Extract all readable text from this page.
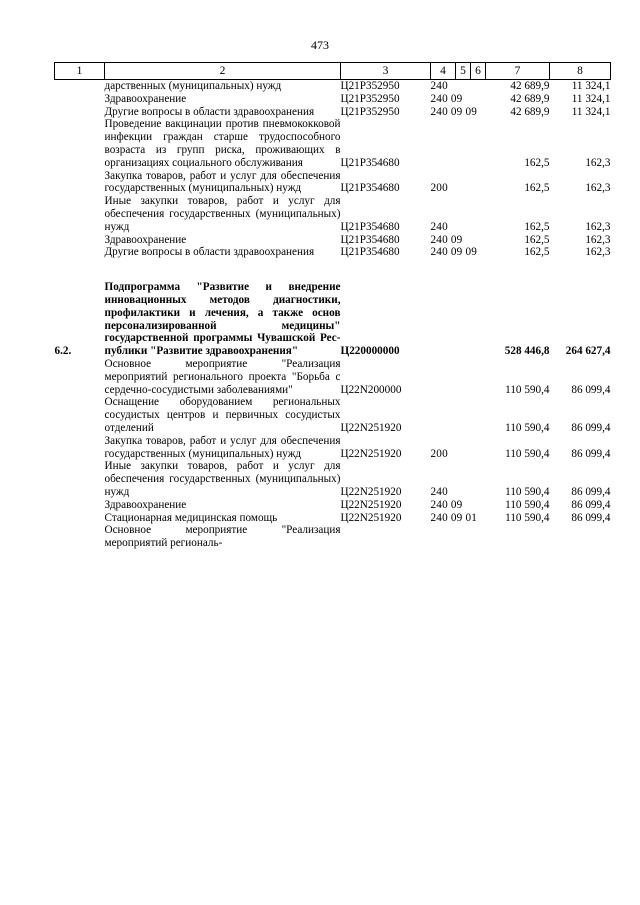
473
1	2	3	4	5	6	7	8
	дарственных (муниципальных) нужд	Ц21Р352950	240			42 689,9	11 324,1
	Здравоохранение	Ц21Р352950	240 09			42 689,9	11 324,1
	Другие вопросы в области здравоохранения	Ц21Р352950	240 09 09			42 689,9	11 324,1
	Проведение вакцинации против пневмококковой инфекции граждан старше трудоспособного возраста из групп риска, проживающих в организациях социального обслуживания	Ц21Р354680				162,5	162,3
	Закупка товаров, работ и услуг для обеспечения государственных (муниципальных) нужд	Ц21Р354680	200			162,5	162,3
	Иные закупки товаров, работ и услуг для обеспечения государственных (муниципальных) нужд	Ц21Р354680	240			162,5	162,3
	Здравоохранение	Ц21Р354680	240 09			162,5	162,3
	Другие вопросы в области здравоохранения	Ц21Р354680	240 09 09			162,5	162,3

6.2.	Подпрограмма "Развитие и внедрение инновационных методов диагностики, профилактики и лечения, а также основ персонализированной медицины" государственной программы Чувашской Республики "Развитие здравоохранения"	Ц220000000				528 446,8	264 627,4
	Основное мероприятие "Реализация мероприятий регионального проекта "Борьба с сердечно-сосудистыми заболеваниями"	Ц22N200000				110 590,4	86 099,4
	Оснащение оборудованием региональных сосудистых центров и первичных сосудистых отделений	Ц22N251920				110 590,4	86 099,4
	Закупка товаров, работ и услуг для обеспечения государственных (муниципальных) нужд	Ц22N251920	200			110 590,4	86 099,4
	Иные закупки товаров, работ и услуг для обеспечения государственных (муниципальных) нужд	Ц22N251920	240			110 590,4	86 099,4
	Здравоохранение	Ц22N251920	240 09			110 590,4	86 099,4
	Стационарная медицинская помощь	Ц22N251920	240 09 01			110 590,4	86 099,4
	Основное мероприятие "Реализация мероприятий региональ-						
